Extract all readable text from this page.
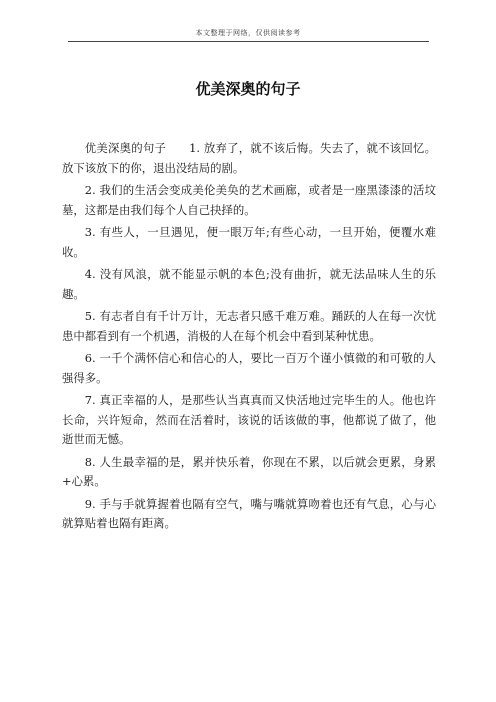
本文整理于网络，仅供阅读参考
优美深奥的句子

优美深奥的句子      1. 放弃了，就不该后悔。失去了，就不该回忆。放下该放下的你，退出没结局的剧。

2. 我们的生活会变成美伦美奂的艺术画廊，或者是一座黑漆漆的活坟墓，这都是由我们每个人自己抉择的。

3. 有些人，一旦遇见，便一眼万年;有些心动，一旦开始，便覆水难收。

4. 没有风浪，就不能显示帆的本色;没有曲折，就无法品味人生的乐趣。

5. 有志者自有千计万计，无志者只感千难万难。踊跃的人在每一次忧患中都看到有一个机遇，消极的人在每个机会中看到某种忧患。

6. 一千个满怀信心和信心的人，要比一百万个谨小慎微的和可敬的人强得多。

7. 真正幸福的人，是那些认当真真而又快活地过完毕生的人。他也许长命，兴许短命，然而在活着时，该说的话该做的事，他都说了做了，他逝世而无憾。

8. 人生最幸福的是，累并快乐着，你现在不累，以后就会更累，身累+心累。

9. 手与手就算握着也隔有空气，嘴与嘴就算吻着也还有气息，心与心就算贴着也隔有距离。
